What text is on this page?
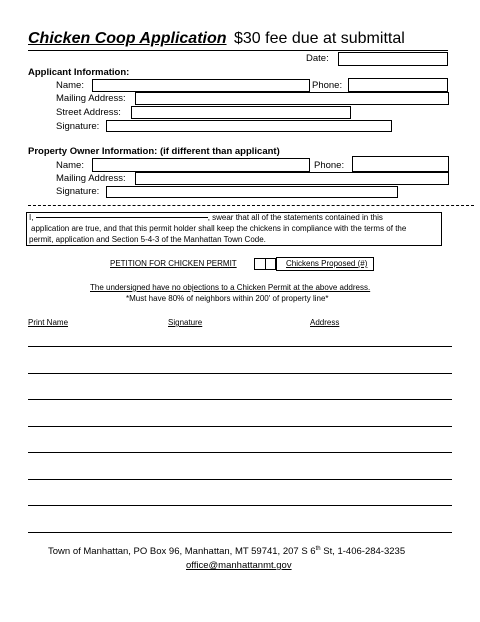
Chicken Coop Application $30 fee due at submittal
Date:
Applicant Information:
Name:	Phone:
Mailing Address:
Street Address:
Signature:
Property Owner Information: (if different than applicant)
Name:	Phone:
Mailing Address:
Signature:
I,	, swear that all of the statements contained in this
application are true, and that this permit holder shall keep the chickens in compliance with the terms of the
permit, application and Section 5-4-3 of the Manhattan Town Code.
PETITION FOR CHICKEN PERMIT	Chickens Proposed (#)
The undersigned have no objections to a Chicken Permit at the above address.
*Must have 80% of neighbors within 200' of property line*
Print Name	Signature	Address
Town of Manhattan, PO Box 96, Manhattan, MT 59741, 207 S 6th St, 1-406-284-3235
office@manhattanmt.gov
